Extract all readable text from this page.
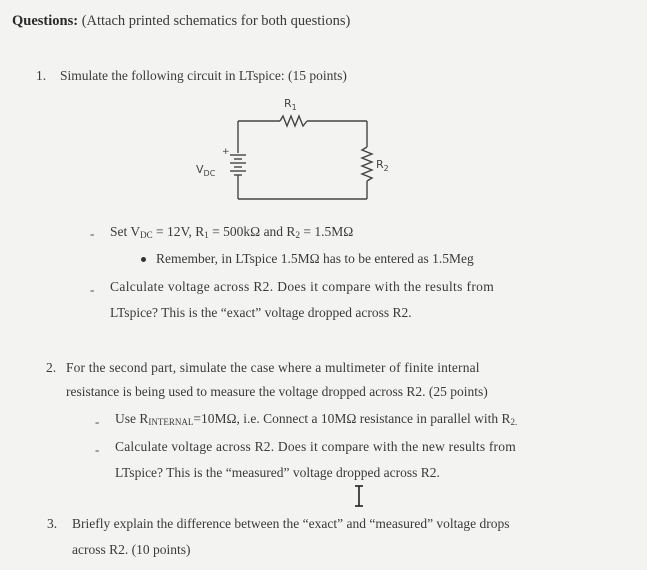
Questions: (Attach printed schematics for both questions)
1. Simulate the following circuit in LTspice: (15 points)
$R_1$
$R_2$
$V_{DC}$
+
- Set $V_{DC} = 12V$, $R_1 = 500k\Omega$ and $R_2 = 1.5M\Omega$
Remember, in LTspice 1.5MΩ has to be entered as 1.5Meg
- Calculate voltage across R2. Does it compare with the results from
LTspice? This is the “exact” voltage dropped across R2.
2. For the second part, simulate the case where a multimeter of finite internal
resistance is being used to measure the voltage dropped across R2. (25 points)
- Use $R_{INTERNAL}=10M\Omega$, i.e. Connect a 10MΩ resistance in parallel with $R_{2.}$
- Calculate voltage across R2. Does it compare with the new results from
LTspice? This is the “measured” voltage dropped across R2.
3. Briefly explain the difference between the “exact” and “measured” voltage drops
across R2. (10 points)
